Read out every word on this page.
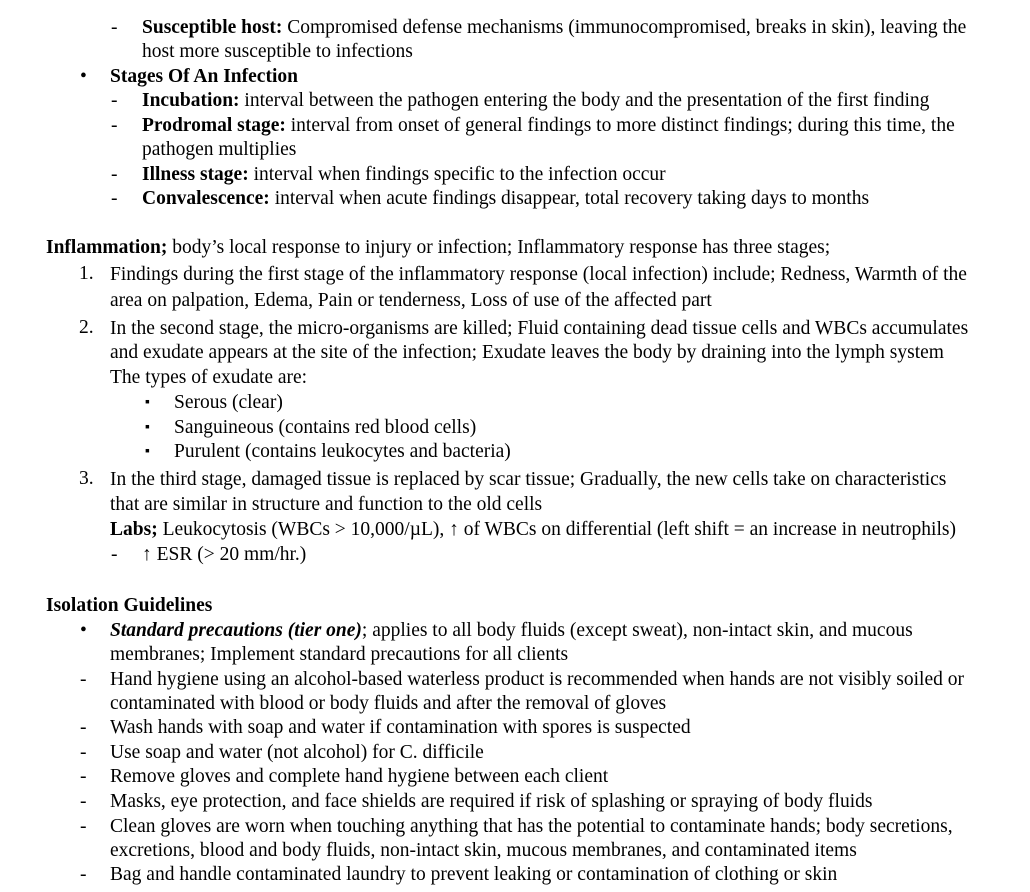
- Susceptible host: Compromised defense mechanisms (immunocompromised, breaks in skin), leaving the
host more susceptible to infections
• Stages Of An Infection
- Incubation: interval between the pathogen entering the body and the presentation of the first finding
- Prodromal stage: interval from onset of general findings to more distinct findings; during this time, the
pathogen multiplies
- Illness stage: interval when findings specific to the infection occur
- Convalescence: interval when acute findings disappear, total recovery taking days to months
Inflammation; body’s local response to injury or infection; Inflammatory response has three stages;
1. Findings during the first stage of the inflammatory response (local infection) include; Redness, Warmth of the
area on palpation, Edema, Pain or tenderness, Loss of use of the affected part
2. In the second stage, the micro-organisms are killed; Fluid containing dead tissue cells and WBCs accumulates
and exudate appears at the site of the infection; Exudate leaves the body by draining into the lymph system
The types of exudate are:
▪ Serous (clear)
▪ Sanguineous (contains red blood cells)
▪ Purulent (contains leukocytes and bacteria)
3. In the third stage, damaged tissue is replaced by scar tissue; Gradually, the new cells take on characteristics
that are similar in structure and function to the old cells
Labs; Leukocytosis (WBCs > 10,000/µL), ↑ of WBCs on differential (left shift = an increase in neutrophils)
- ↑ ESR (> 20 mm/hr.)
Isolation Guidelines
• Standard precautions (tier one); applies to all body fluids (except sweat), non-intact skin, and mucous
membranes; Implement standard precautions for all clients
- Hand hygiene using an alcohol-based waterless product is recommended when hands are not visibly soiled or
contaminated with blood or body fluids and after the removal of gloves
- Wash hands with soap and water if contamination with spores is suspected
- Use soap and water (not alcohol) for C. difficile
- Remove gloves and complete hand hygiene between each client
- Masks, eye protection, and face shields are required if risk of splashing or spraying of body fluids
- Clean gloves are worn when touching anything that has the potential to contaminate hands; body secretions,
excretions, blood and body fluids, non-intact skin, mucous membranes, and contaminated items
- Bag and handle contaminated laundry to prevent leaking or contamination of clothing or skin
